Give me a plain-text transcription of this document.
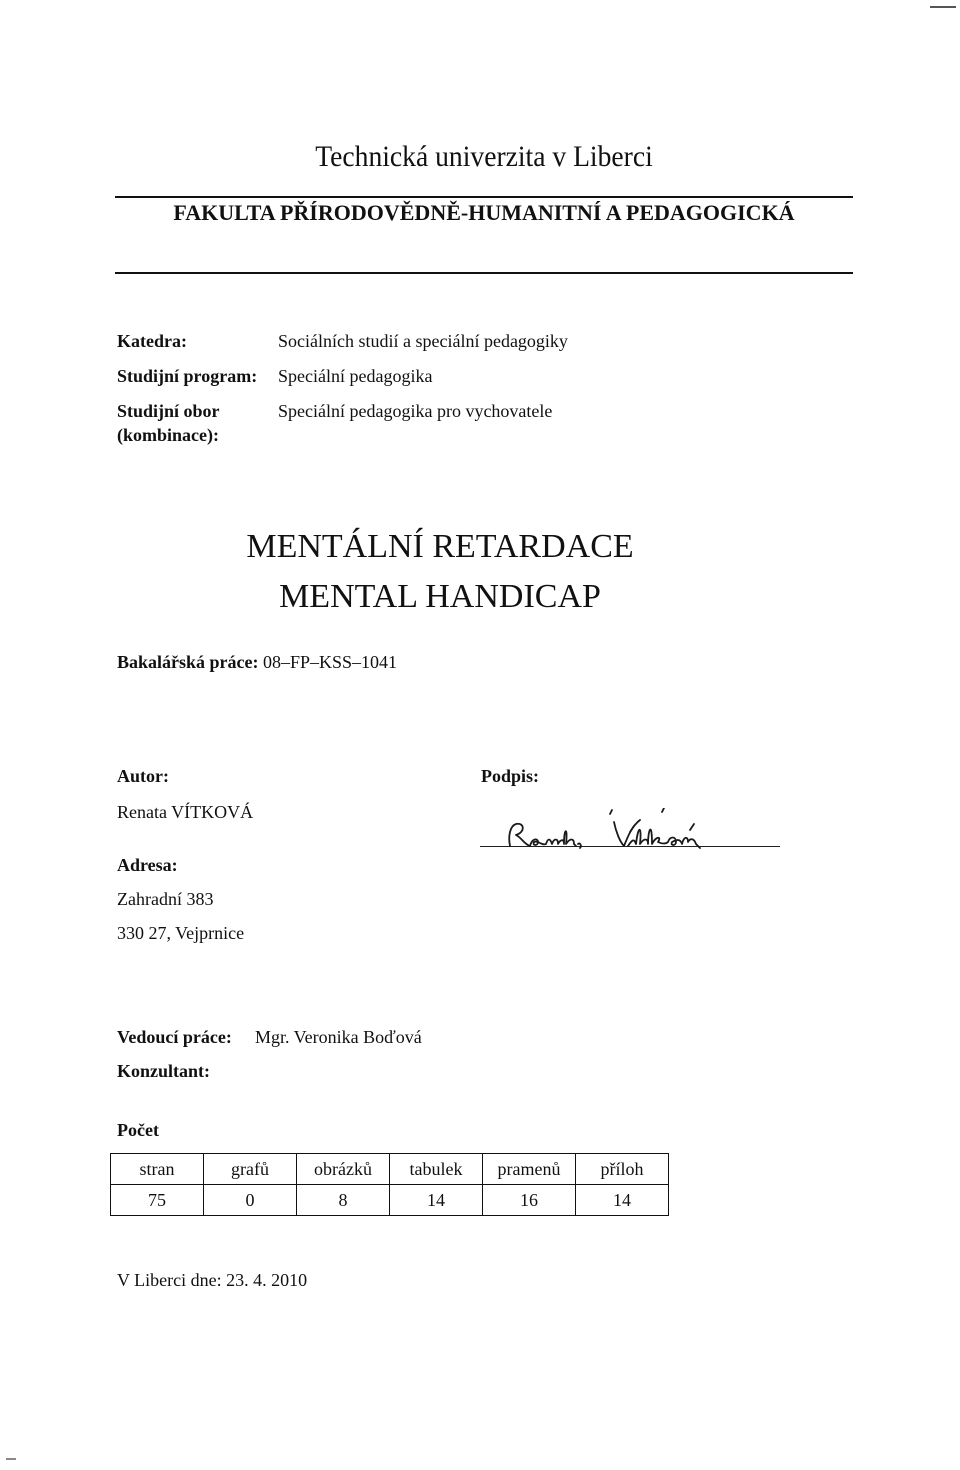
Technická univerzita v Liberci
FAKULTA PŘÍRODOVĚDNĚ-HUMANITNÍ A PEDAGOGICKÁ
Katedra:	Sociálních studií a speciální pedagogiky
Studijní program: Speciální pedagogika
Studijní obor
(kombinace):
Speciální pedagogika pro vychovatele
MENTÁLNÍ RETARDACE
MENTAL HANDICAP
Bakalářská práce: 08–FP–KSS–1041
Autor:
Renata VÍTKOVÁ
Podpis:
Adresa:
Zahradní 383
330 27, Vejprnice
Vedoucí práce: Mgr. Veronika Boďová
Konzultant:
Počet
stran	grafů	obrázků	tabulek	pramenů	příloh
75	0	8	14	16	14
V Liberci dne: 23. 4. 2010
